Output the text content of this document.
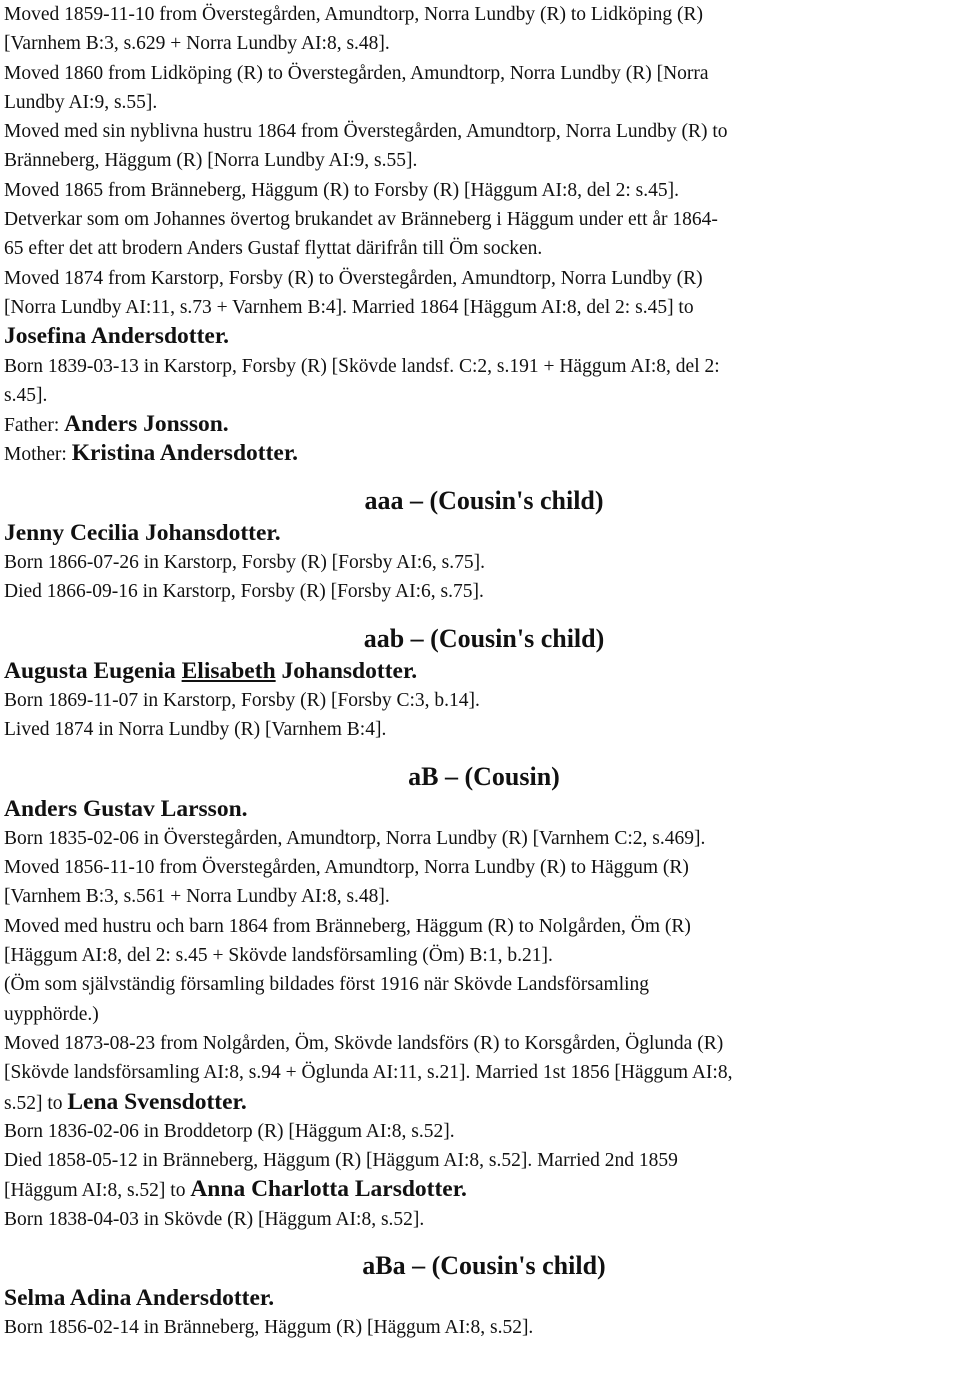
Moved 1859-11-10 from Överstegården, Amundtorp, Norra Lundby (R) to Lidköping (R)
[Varnhem B:3, s.629 + Norra Lundby AI:8, s.48].
Moved 1860 from Lidköping (R) to Överstegården, Amundtorp, Norra Lundby (R) [Norra
Lundby AI:9, s.55].
Moved med sin nyblivna hustru 1864 from Överstegården, Amundtorp, Norra Lundby (R) to
Bränneberg, Häggum (R) [Norra Lundby AI:9, s.55].
Moved 1865 from Bränneberg, Häggum (R) to Forsby (R) [Häggum AI:8, del 2: s.45].
Detverkar som om Johannes övertog brukandet av Bränneberg i Häggum under ett år 1864-
65 efter det att brodern Anders Gustaf flyttat därifrån till Öm socken.
Moved 1874 from Karstorp, Forsby (R) to Överstegården, Amundtorp, Norra Lundby (R)
[Norra Lundby AI:11, s.73 + Varnhem B:4]. Married 1864 [Häggum AI:8, del 2: s.45] to
Josefina Andersdotter.
Born 1839-03-13 in Karstorp, Forsby (R) [Skövde landsf. C:2, s.191 + Häggum AI:8, del 2:
s.45].
Father: Anders Jonsson.
Mother: Kristina Andersdotter.
aaa – (Cousin's child)
Jenny Cecilia Johansdotter.
Born 1866-07-26 in Karstorp, Forsby (R) [Forsby AI:6, s.75].
Died 1866-09-16 in Karstorp, Forsby (R) [Forsby AI:6, s.75].
aab – (Cousin's child)
Augusta Eugenia Elisabeth Johansdotter.
Born 1869-11-07 in Karstorp, Forsby (R) [Forsby C:3, b.14].
Lived 1874 in Norra Lundby (R) [Varnhem B:4].
aB – (Cousin)
Anders Gustav Larsson.
Born 1835-02-06 in Överstegården, Amundtorp, Norra Lundby (R) [Varnhem C:2, s.469].
Moved 1856-11-10 from Överstegården, Amundtorp, Norra Lundby (R) to Häggum (R)
[Varnhem B:3, s.561 + Norra Lundby AI:8, s.48].
Moved med hustru och barn 1864 from Bränneberg, Häggum (R) to Nolgården, Öm (R)
[Häggum AI:8, del 2: s.45 + Skövde landsförsamling (Öm) B:1, b.21].
(Öm som självständig församling bildades först 1916 när Skövde Landsförsamling
uypphörde.)
Moved 1873-08-23 from Nolgården, Öm, Skövde landsförs (R) to Korsgården, Öglunda (R)
[Skövde landsförsamling AI:8, s.94 + Öglunda AI:11, s.21]. Married 1st 1856 [Häggum AI:8,
s.52] to Lena Svensdotter.
Born 1836-02-06 in Broddetorp (R) [Häggum AI:8, s.52].
Died 1858-05-12 in Bränneberg, Häggum (R) [Häggum AI:8, s.52]. Married 2nd 1859
[Häggum AI:8, s.52] to Anna Charlotta Larsdotter.
Born 1838-04-03 in Skövde (R) [Häggum AI:8, s.52].
aBa – (Cousin's child)
Selma Adina Andersdotter.
Born 1856-02-14 in Bränneberg, Häggum (R) [Häggum AI:8, s.52].
